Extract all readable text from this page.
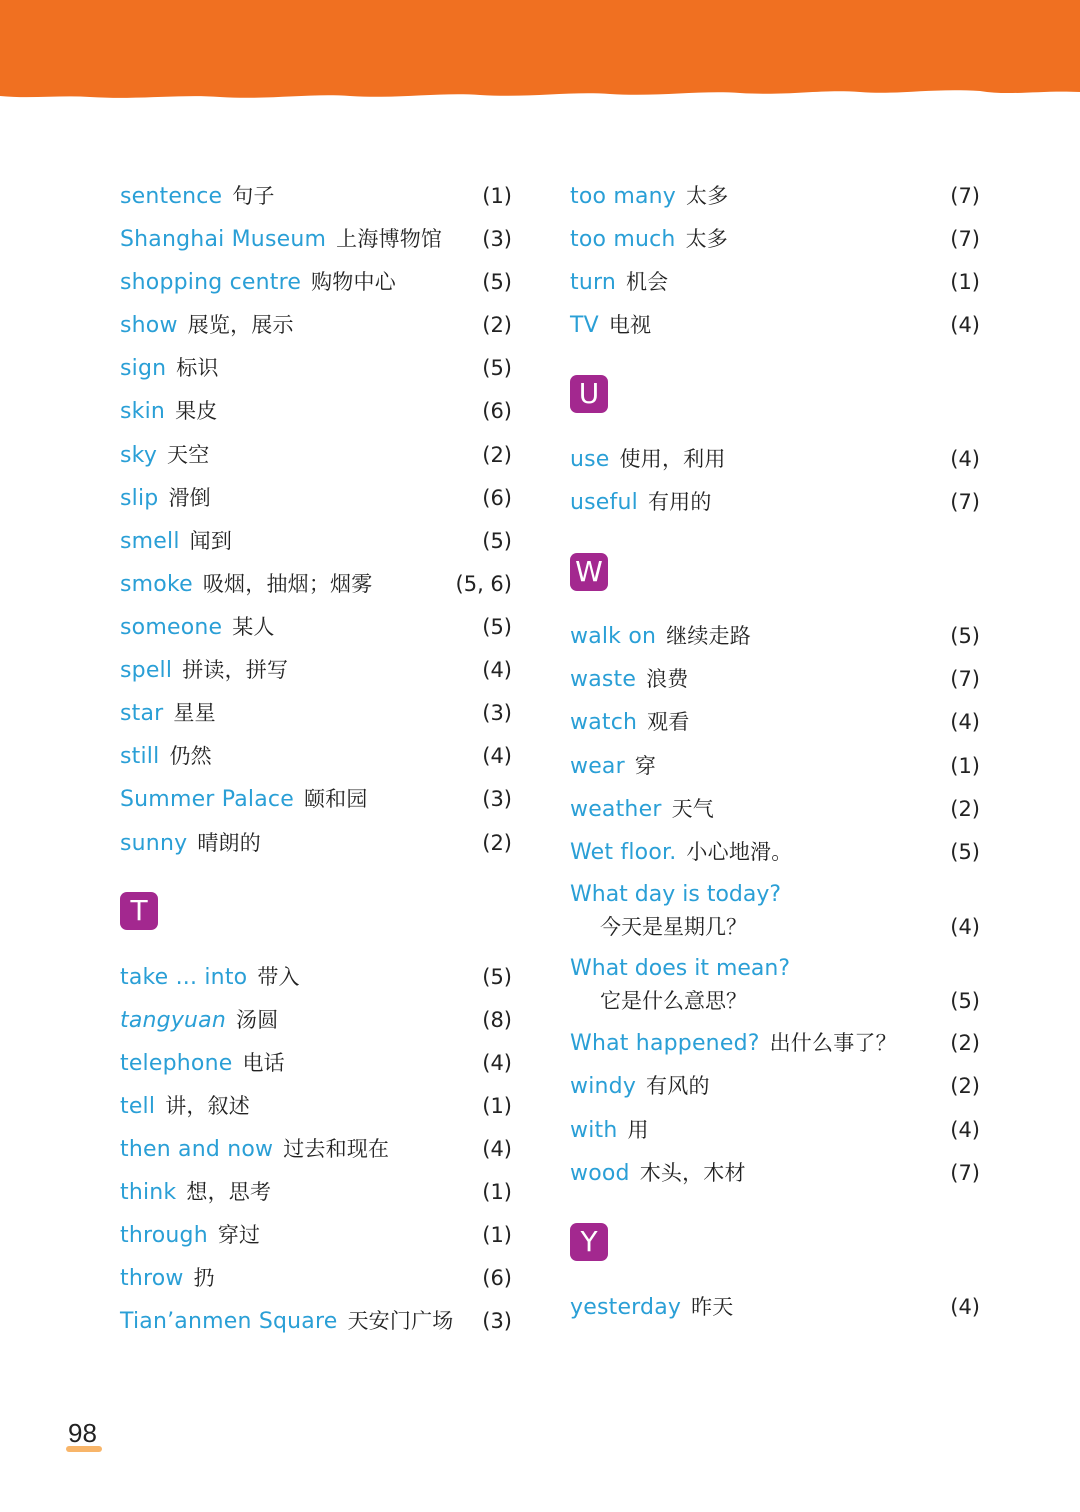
sentence 句子	(1)
Shanghai Museum 上海博物馆 (3)
shopping centre 购物中心	(5)
show 展览，展示	(2)
sign 标识	(5)
skin 果皮	(6)
sky 天空	(2)
slip 滑倒	(6)
smell 闻到	(5)
smoke 吸烟，抽烟；烟雾	(5, 6)
someone 某人	(5)
spell 拼读，拼写	(4)
star 星星	(3)
still 仍然	(4)
Summer Palace 颐和园	(3)
sunny 晴朗的	(2)
T
take ... into 带入	(5)
tangyuan 汤圆	(8)
telephone 电话	(4)
tell 讲，叙述	(1)
then and now 过去和现在	(4)
think 想，思考	(1)
through 穿过	(1)
throw 扔	(6)
Tian’anmen Square 天安门广场 (3)
too many 太多	(7)
too much 太多	(7)
turn 机会	(1)
TV 电视	(4)
U
use 使用，利用	(4)
useful 有用的	(7)
W
walk on 继续走路	(5)
waste 浪费	(7)
watch 观看	(4)
wear 穿	(1)
weather 天气	(2)
Wet floor. 小心地滑。	(5)
What day is today?
今天是星期几？	(4)
What does it mean?
它是什么意思？	(5)
What happened? 出什么事了？	(2)
windy 有风的	(2)
with 用	(4)
wood 木头，木材	(7)
Y
yesterday 昨天	(4)
98
